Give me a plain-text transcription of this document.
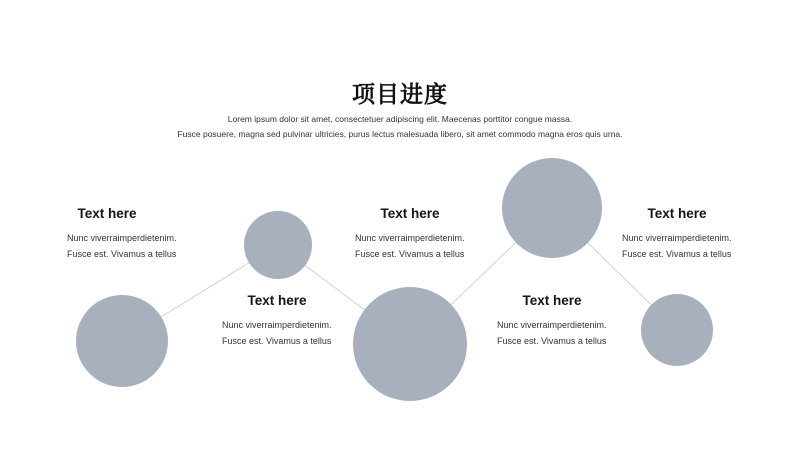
项目进度
Lorem ipsum dolor sit amet, consectetuer adipiscing elit. Maecenas porttitor congue massa.
Fusce posuere, magna sed pulvinar ultricies, purus lectus malesuada libero, sit amet commodo magna eros quis urna.
Text here
Nunc viverraimperdietenim.
Fusce est. Vivamus a tellus
Text here
Nunc viverraimperdietenim.
Fusce est. Vivamus a tellus
Text here
Nunc viverraimperdietenim.
Fusce est. Vivamus a tellus
Text here
Nunc viverraimperdietenim.
Fusce est. Vivamus a tellus
Text here
Nunc viverraimperdietenim.
Fusce est. Vivamus a tellus
